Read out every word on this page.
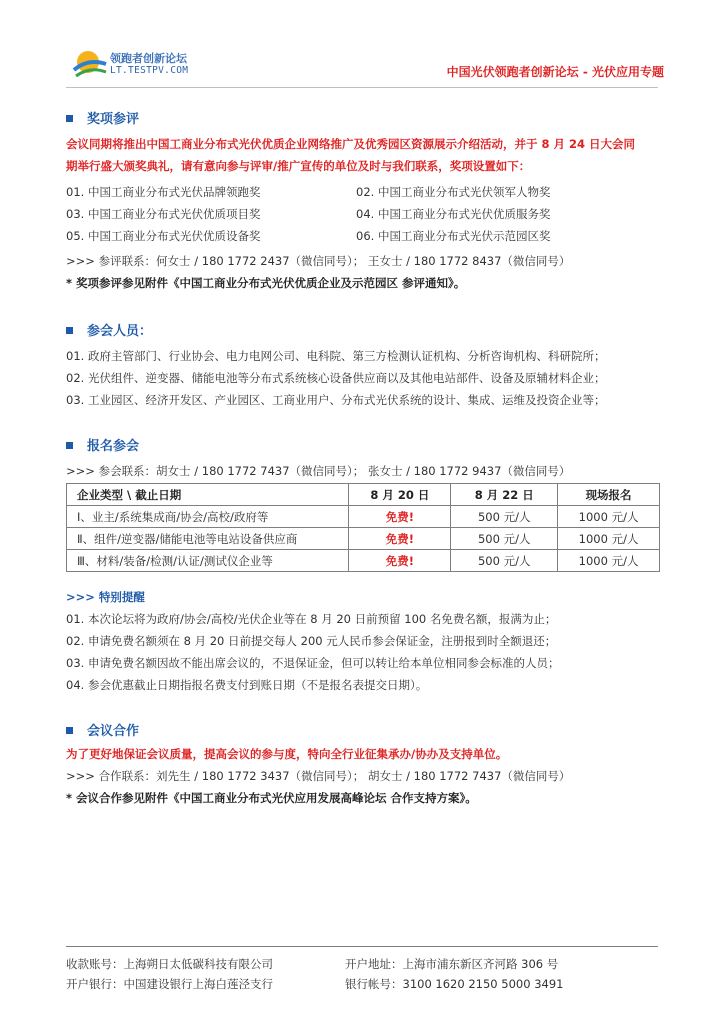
领跑者创新论坛
LT.TESTPV.COM	中国光伏领跑者创新论坛 - 光伏应用专题
奖项参评
会议同期将推出中国工商业分布式光伏优质企业网络推广及优秀园区资源展示介绍活动，并于 8 月 24 日大会同
期举行盛大颁奖典礼，请有意向参与评审/推广宣传的单位及时与我们联系，奖项设置如下：
01. 中国工商业分布式光伏品牌领跑奖	02. 中国工商业分布式光伏领军人物奖
03. 中国工商业分布式光伏优质项目奖	04. 中国工商业分布式光伏优质服务奖
05. 中国工商业分布式光伏优质设备奖	06. 中国工商业分布式光伏示范园区奖
>>> 参评联系：何女士 / 180 1772 2437（微信同号）； 王女士 / 180 1772 8437（微信同号）
* 奖项参评参见附件《中国工商业分布式光伏优质企业及示范园区 参评通知》。
参会人员：
01. 政府主管部门、行业协会、电力电网公司、电科院、第三方检测认证机构、分析咨询机构、科研院所；
02. 光伏组件、逆变器、储能电池等分布式系统核心设备供应商以及其他电站部件、设备及原辅材料企业；
03. 工业园区、经济开发区、产业园区、工商业用户、分布式光伏系统的设计、集成、运维及投资企业等；
报名参会
>>> 参会联系：胡女士 / 180 1772 7437（微信同号）； 张女士 / 180 1772 9437（微信同号）
企业类型 \ 截止日期	8 月 20 日	8 月 22 日	现场报名
Ⅰ、业主/系统集成商/协会/高校/政府等	免费!	500 元/人	1000 元/人
Ⅱ、组件/逆变器/储能电池等电站设备供应商	免费!	500 元/人	1000 元/人
Ⅲ、材料/装备/检测/认证/测试仪企业等	免费!	500 元/人	1000 元/人
>>> 特别提醒
01. 本次论坛将为政府/协会/高校/光伏企业等在 8 月 20 日前预留 100 名免费名额，报满为止；
02. 申请免费名额须在 8 月 20 日前提交每人 200 元人民币参会保证金，注册报到时全额退还；
03. 申请免费名额因故不能出席会议的，不退保证金，但可以转让给本单位相同参会标准的人员；
04. 参会优惠截止日期指报名费支付到账日期（不是报名表提交日期）。
会议合作
为了更好地保证会议质量，提高会议的参与度，特向全行业征集承办/协办及支持单位。
>>> 合作联系：刘先生 / 180 1772 3437（微信同号）； 胡女士 / 180 1772 7437（微信同号）
* 会议合作参见附件《中国工商业分布式光伏应用发展高峰论坛 合作支持方案》。
收款账号：上海朔日太低碳科技有限公司	开户地址：上海市浦东新区齐河路 306 号
开户银行：中国建设银行上海白莲泾支行	银行帐号：3100 1620 2150 5000 3491
